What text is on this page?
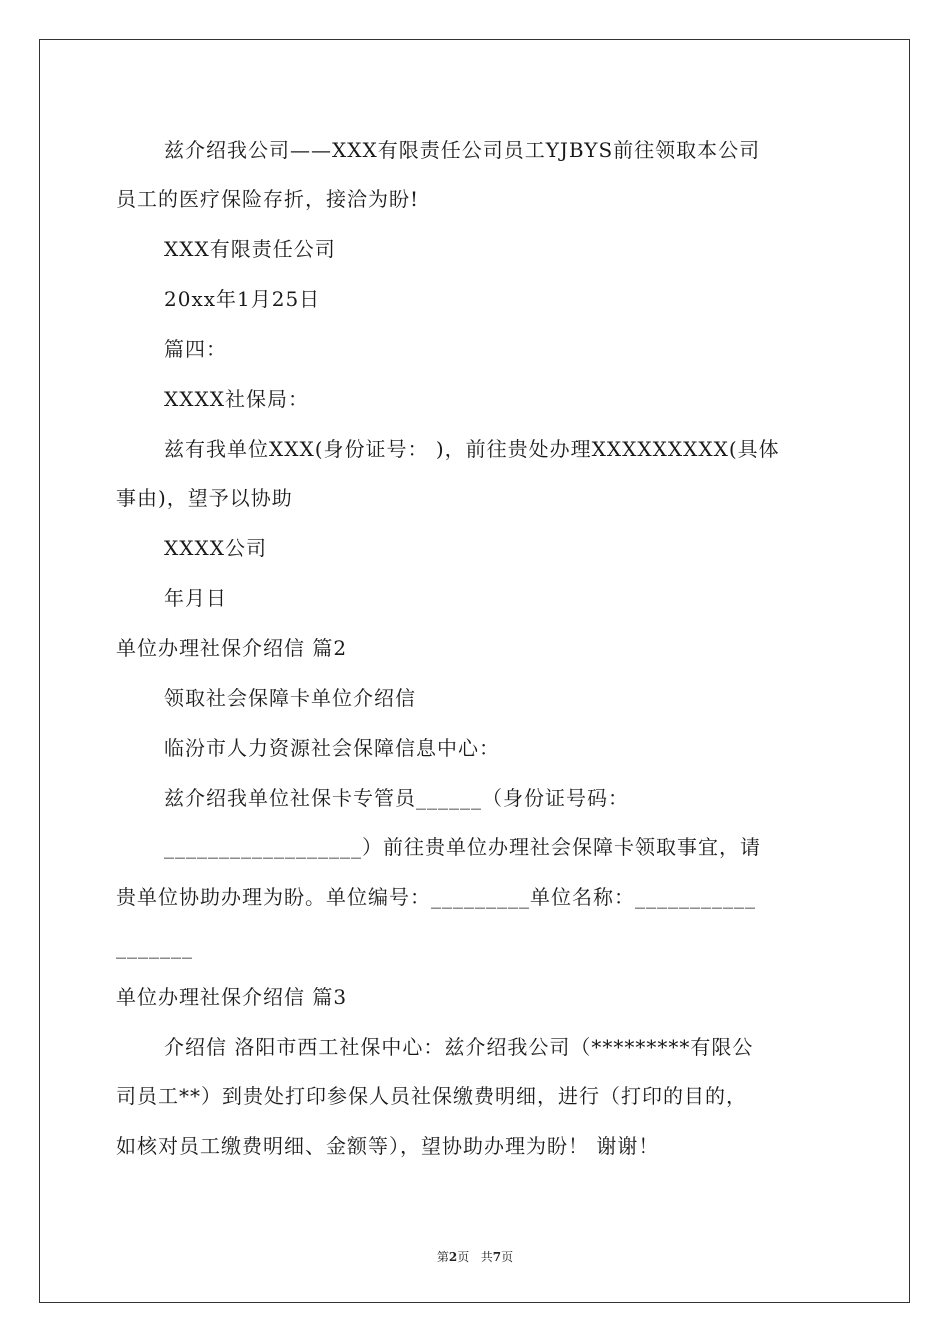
兹介绍我公司——XXX有限责任公司员工YJBYS前往领取本公司
员工的医疗保险存折，接洽为盼!
XXX有限责任公司
20xx年1月25日
篇四：
XXXX社保局：
兹有我单位XXX(身份证号： )，前往贵处办理XXXXXXXXX(具体
事由)，望予以协助
XXXX公司
年月日
单位办理社保介绍信 篇2
领取社会保障卡单位介绍信
临汾市人力资源社会保障信息中心：
兹介绍我单位社保卡专管员______（身份证号码：
__________________）前往贵单位办理社会保障卡领取事宜，请
贵单位协助办理为盼。单位编号：_________单位名称：___________
_______
单位办理社保介绍信 篇3
介绍信 洛阳市西工社保中心：兹介绍我公司（*********有限公
司员工**）到贵处打印参保人员社保缴费明细，进行（打印的目的，
如核对员工缴费明细、金额等），望协助办理为盼！ 谢谢！
第2页 共7页
